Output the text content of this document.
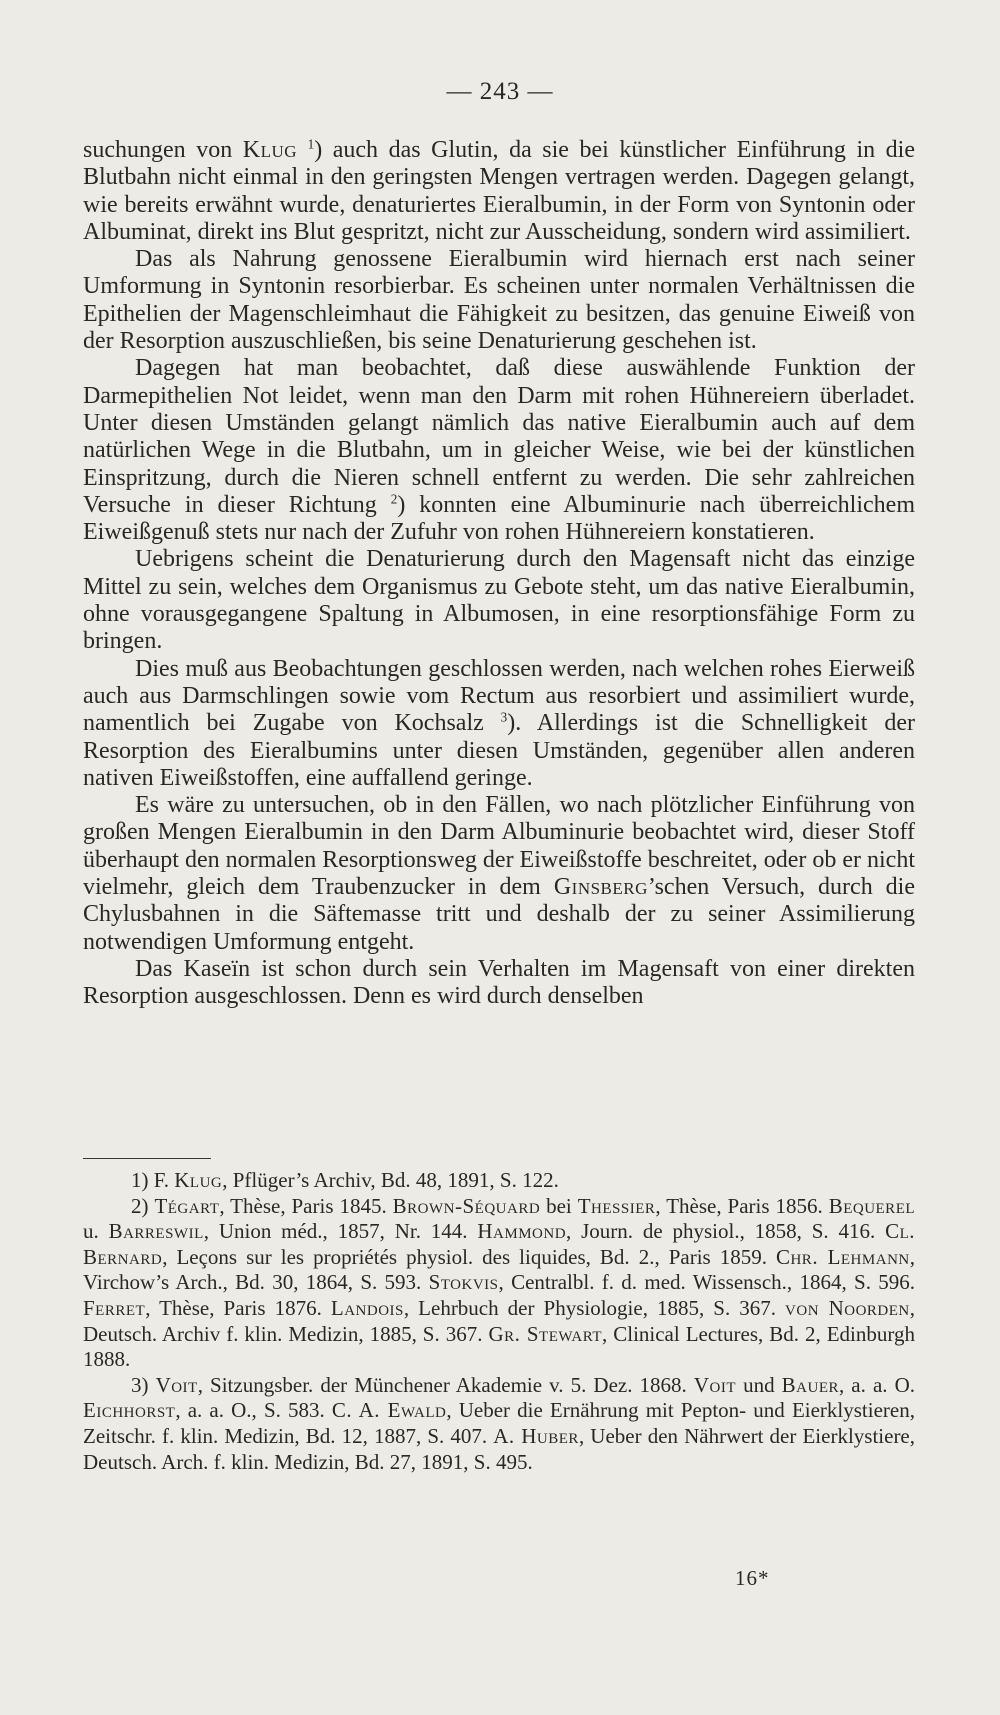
— 243 —

suchungen von Klug $^1$) auch das Glutin, da sie bei künstlicher Einführung in die Blutbahn nicht einmal in den geringsten Mengen vertragen werden. Dagegen gelangt, wie bereits erwähnt wurde, denaturiertes Eieralbumin, in der Form von Syntonin oder Albuminat, direkt ins Blut gespritzt, nicht zur Ausscheidung, sondern wird assimiliert.

Das als Nahrung genossene Eieralbumin wird hiernach erst nach seiner Umformung in Syntonin resorbierbar. Es scheinen unter normalen Verhältnissen die Epithelien der Magenschleimhaut die Fähigkeit zu besitzen, das genuine Eiweiß von der Resorption auszuschließen, bis seine Denaturierung geschehen ist.

Dagegen hat man beobachtet, daß diese auswählende Funktion der Darmepithelien Not leidet, wenn man den Darm mit rohen Hühnereiern überladet. Unter diesen Umständen gelangt nämlich das native Eieralbumin auch auf dem natürlichen Wege in die Blutbahn, um in gleicher Weise, wie bei der künstlichen Einspritzung, durch die Nieren schnell entfernt zu werden. Die sehr zahlreichen Versuche in dieser Richtung $^2$) konnten eine Albuminurie nach überreichlichem Eiweißgenuß stets nur nach der Zufuhr von rohen Hühnereiern konstatieren.

Uebrigens scheint die Denaturierung durch den Magensaft nicht das einzige Mittel zu sein, welches dem Organismus zu Gebote steht, um das native Eieralbumin, ohne vorausgegangene Spaltung in Albumosen, in eine resorptionsfähige Form zu bringen.

Dies muß aus Beobachtungen geschlossen werden, nach welchen rohes Eierweiß auch aus Darmschlingen sowie vom Rectum aus resorbiert und assimiliert wurde, namentlich bei Zugabe von Kochsalz $^3$). Allerdings ist die Schnelligkeit der Resorption des Eieralbumins unter diesen Umständen, gegenüber allen anderen nativen Eiweißstoffen, eine auffallend geringe.

Es wäre zu untersuchen, ob in den Fällen, wo nach plötzlicher Einführung von großen Mengen Eieralbumin in den Darm Albuminurie beobachtet wird, dieser Stoff überhaupt den normalen Resorptionsweg der Eiweißstoffe beschreitet, oder ob er nicht vielmehr, gleich dem Traubenzucker in dem Ginsberg’schen Versuch, durch die Chylusbahnen in die Säftemasse tritt und deshalb der zu seiner Assimilierung notwendigen Umformung entgeht.

Das Kaseïn ist schon durch sein Verhalten im Magensaft von einer direkten Resorption ausgeschlossen. Denn es wird durch denselben

1) F. Klug, Pflüger’s Archiv, Bd. 48, 1891, S. 122.

2) Tégart, Thèse, Paris 1845. Brown-Séquard bei Thessier, Thèse, Paris 1856. Bequerel u. Barreswil, Union méd., 1857, Nr. 144. Hammond, Journ. de physiol., 1858, S. 416. Cl. Bernard, Leçons sur les propriétés physiol. des liquides, Bd. 2., Paris 1859. Chr. Lehmann, Virchow’s Arch., Bd. 30, 1864, S. 593. Stokvis, Centralbl. f. d. med. Wissensch., 1864, S. 596. Ferret, Thèse, Paris 1876. Landois, Lehrbuch der Physiologie, 1885, S. 367. von Noorden, Deutsch. Archiv f. klin. Medizin, 1885, S. 367. Gr. Stewart, Clinical Lectures, Bd. 2, Edinburgh 1888.

3) Voit, Sitzungsber. der Münchener Akademie v. 5. Dez. 1868. Voit und Bauer, a. a. O. Eichhorst, a. a. O., S. 583. C. A. Ewald, Ueber die Ernährung mit Pepton- und Eierklystieren, Zeitschr. f. klin. Medizin, Bd. 12, 1887, S. 407. A. Huber, Ueber den Nährwert der Eierklystiere, Deutsch. Arch. f. klin. Medizin, Bd. 27, 1891, S. 495.

16*
